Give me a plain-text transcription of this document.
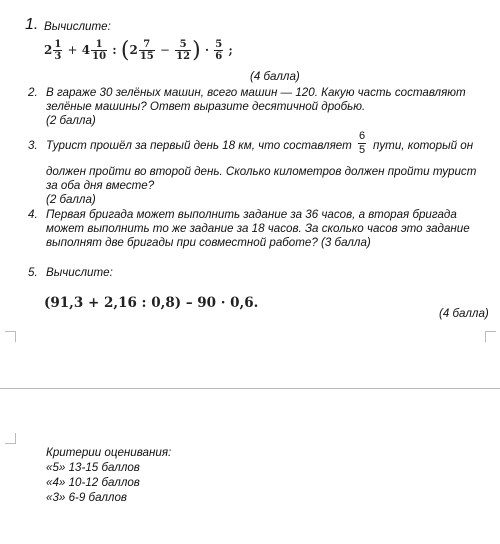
1. Вычислите:
$2 \frac{1}{3} + 4 \frac{1}{10}$ : ($2 \frac{7}{15} - \frac{5}{12}$ ) · $\frac{5}{6}$ ;
(4 балла)
2. В гараже 30 зелёных машин, всего машин — 120. Какую часть составляют
зелёные машины? Ответ выразите десятичной дробью.
(2 балла)
3. Турист прошёл за первый день 18 км, что составляет $\frac{6}{5}$ пути, который он
должен пройти во второй день. Сколько километров должен пройти турист
за оба дня вместе?
(2 балла)
4. Первая бригада может выполнить задание за 36 часов, а вторая бригада
может выполнить то же задание за 18 часов. За сколько часов это задание
выполнят две бригады при совместной работе? (3 балла)
5. Вычислите:
(91,3 + 2,16 : 0,8) – 90 · 0,6.
(4 балла)
Критерии оценивания:
«5» 13-15 баллов
«4» 10-12 баллов
«3» 6-9 баллов
